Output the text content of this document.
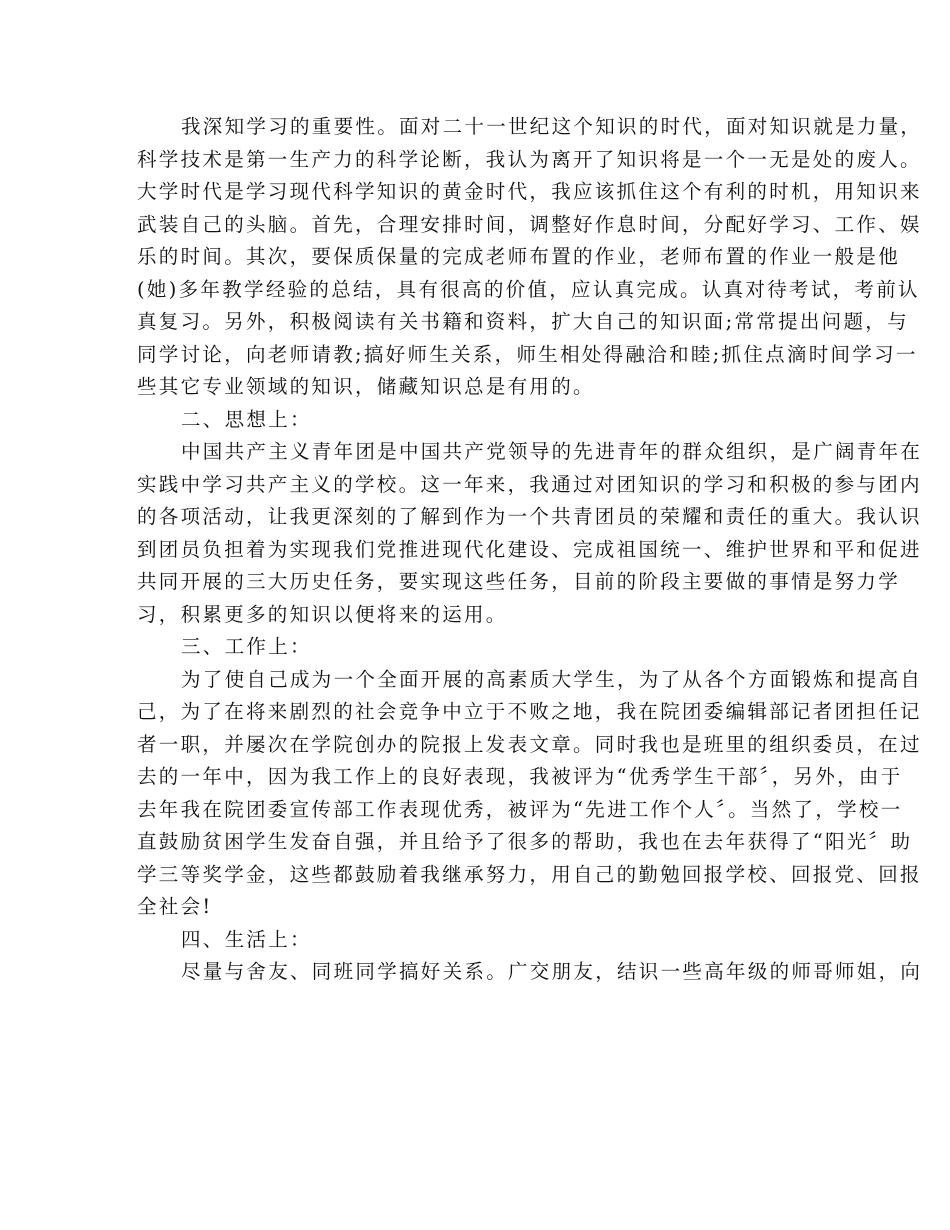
我深知学习的重要性。面对二十一世纪这个知识的时代，面对知识就是力量，
科学技术是第一生产力的科学论断，我认为离开了知识将是一个一无是处的废人。
大学时代是学习现代科学知识的黄金时代，我应该抓住这个有利的时机，用知识来
武装自己的头脑。首先，合理安排时间，调整好作息时间，分配好学习、工作、娱
乐的时间。其次，要保质保量的完成老师布置的作业，老师布置的作业一般是他
(她)多年教学经验的总结，具有很高的价值，应认真完成。认真对待考试，考前认
真复习。另外，积极阅读有关书籍和资料，扩大自己的知识面;常常提出问题，与
同学讨论，向老师请教;搞好师生关系，师生相处得融洽和睦;抓住点滴时间学习一
些其它专业领域的知识，储藏知识总是有用的。
二、思想上：
中国共产主义青年团是中国共产党领导的先进青年的群众组织，是广阔青年在
实践中学习共产主义的学校。这一年来，我通过对团知识的学习和积极的参与团内
的各项活动，让我更深刻的了解到作为一个共青团员的荣耀和责任的重大。我认识
到团员负担着为实现我们党推进现代化建设、完成祖国统一、维护世界和平和促进
共同开展的三大历史任务，要实现这些任务，目前的阶段主要做的事情是努力学
习，积累更多的知识以便将来的运用。
三、工作上：
为了使自己成为一个全面开展的高素质大学生，为了从各个方面锻炼和提高自
己，为了在将来剧烈的社会竞争中立于不败之地，我在院团委编辑部记者团担任记
者一职，并屡次在学院创办的院报上发表文章。同时我也是班里的组织委员，在过
去的一年中，因为我工作上的良好表现，我被评为“优秀学生干部〞，另外，由于
去年我在院团委宣传部工作表现优秀，被评为“先进工作个人〞。当然了，学校一
直鼓励贫困学生发奋自强，并且给予了很多的帮助，我也在去年获得了“阳光〞助
学三等奖学金，这些都鼓励着我继承努力，用自己的勤勉回报学校、回报党、回报
全社会!
四、生活上：
尽量与舍友、同班同学搞好关系。广交朋友，结识一些高年级的师哥师姐，向
